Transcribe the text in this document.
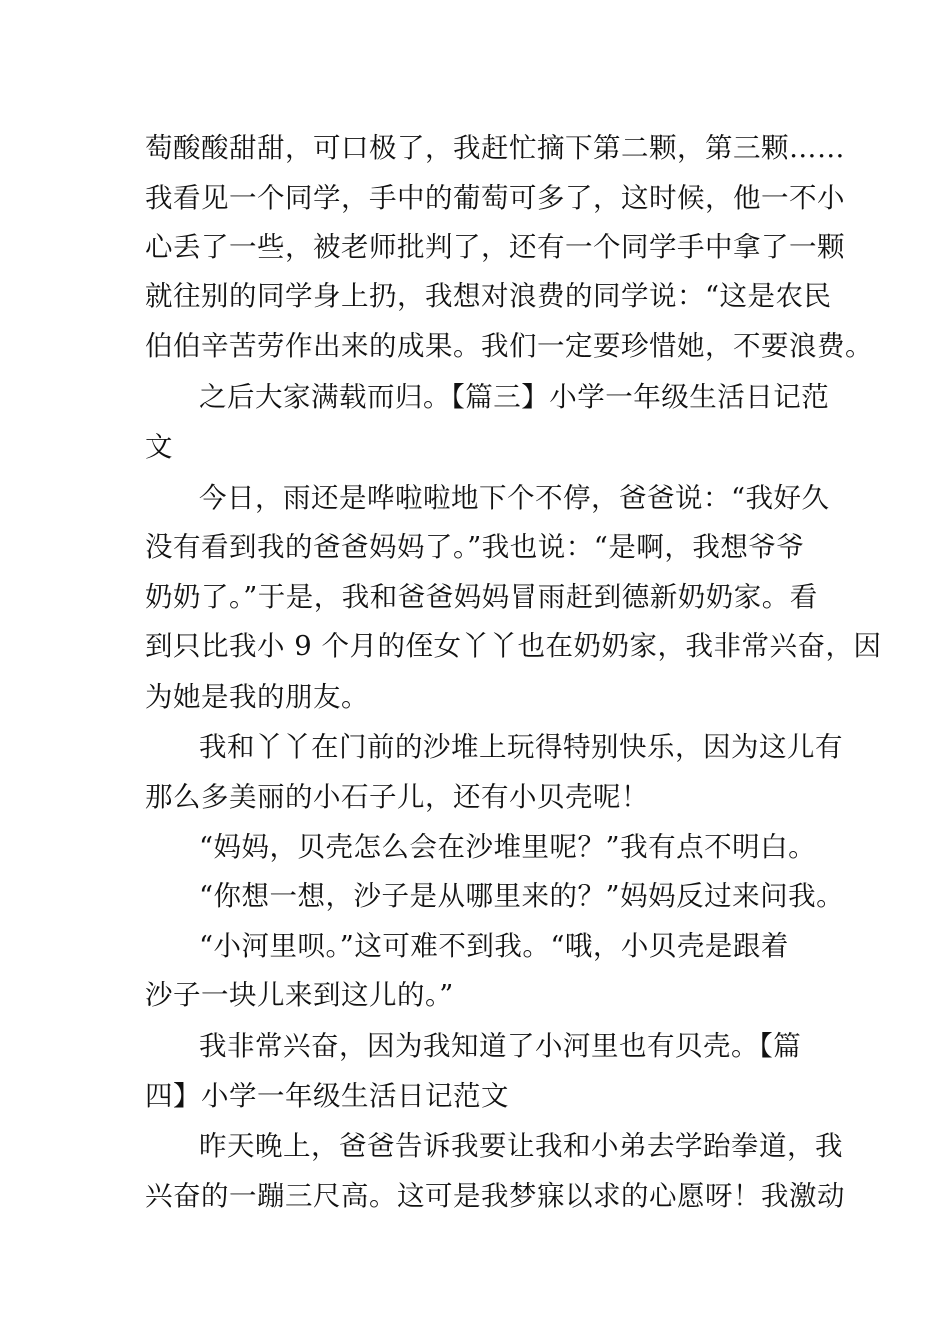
萄酸酸甜甜，可口极了，我赶忙摘下第二颗，第三颗……
我看见一个同学，手中的葡萄可多了，这时候，他一不小
心丢了一些，被老师批判了，还有一个同学手中拿了一颗
就往别的同学身上扔，我想对浪费的同学说：“这是农民
伯伯辛苦劳作出来的成果。我们一定要珍惜她，不要浪费。
之后大家满载而归。【篇三】小学一年级生活日记范
文
今日，雨还是哗啦啦地下个不停，爸爸说：“我好久
没有看到我的爸爸妈妈了。”我也说：“是啊，我想爷爷
奶奶了。”于是，我和爸爸妈妈冒雨赶到德新奶奶家。看
到只比我小 9 个月的侄女丫丫也在奶奶家，我非常兴奋，因
为她是我的朋友。
我和丫丫在门前的沙堆上玩得特别快乐，因为这儿有
那么多美丽的小石子儿，还有小贝壳呢！
“妈妈，贝壳怎么会在沙堆里呢？”我有点不明白。
“你想一想，沙子是从哪里来的？”妈妈反过来问我。
“小河里呗。”这可难不到我。“哦，小贝壳是跟着
沙子一块儿来到这儿的。”
我非常兴奋，因为我知道了小河里也有贝壳。【篇
四】小学一年级生活日记范文
昨天晚上，爸爸告诉我要让我和小弟去学跆拳道，我
兴奋的一蹦三尺高。这可是我梦寐以求的心愿呀！我激动
